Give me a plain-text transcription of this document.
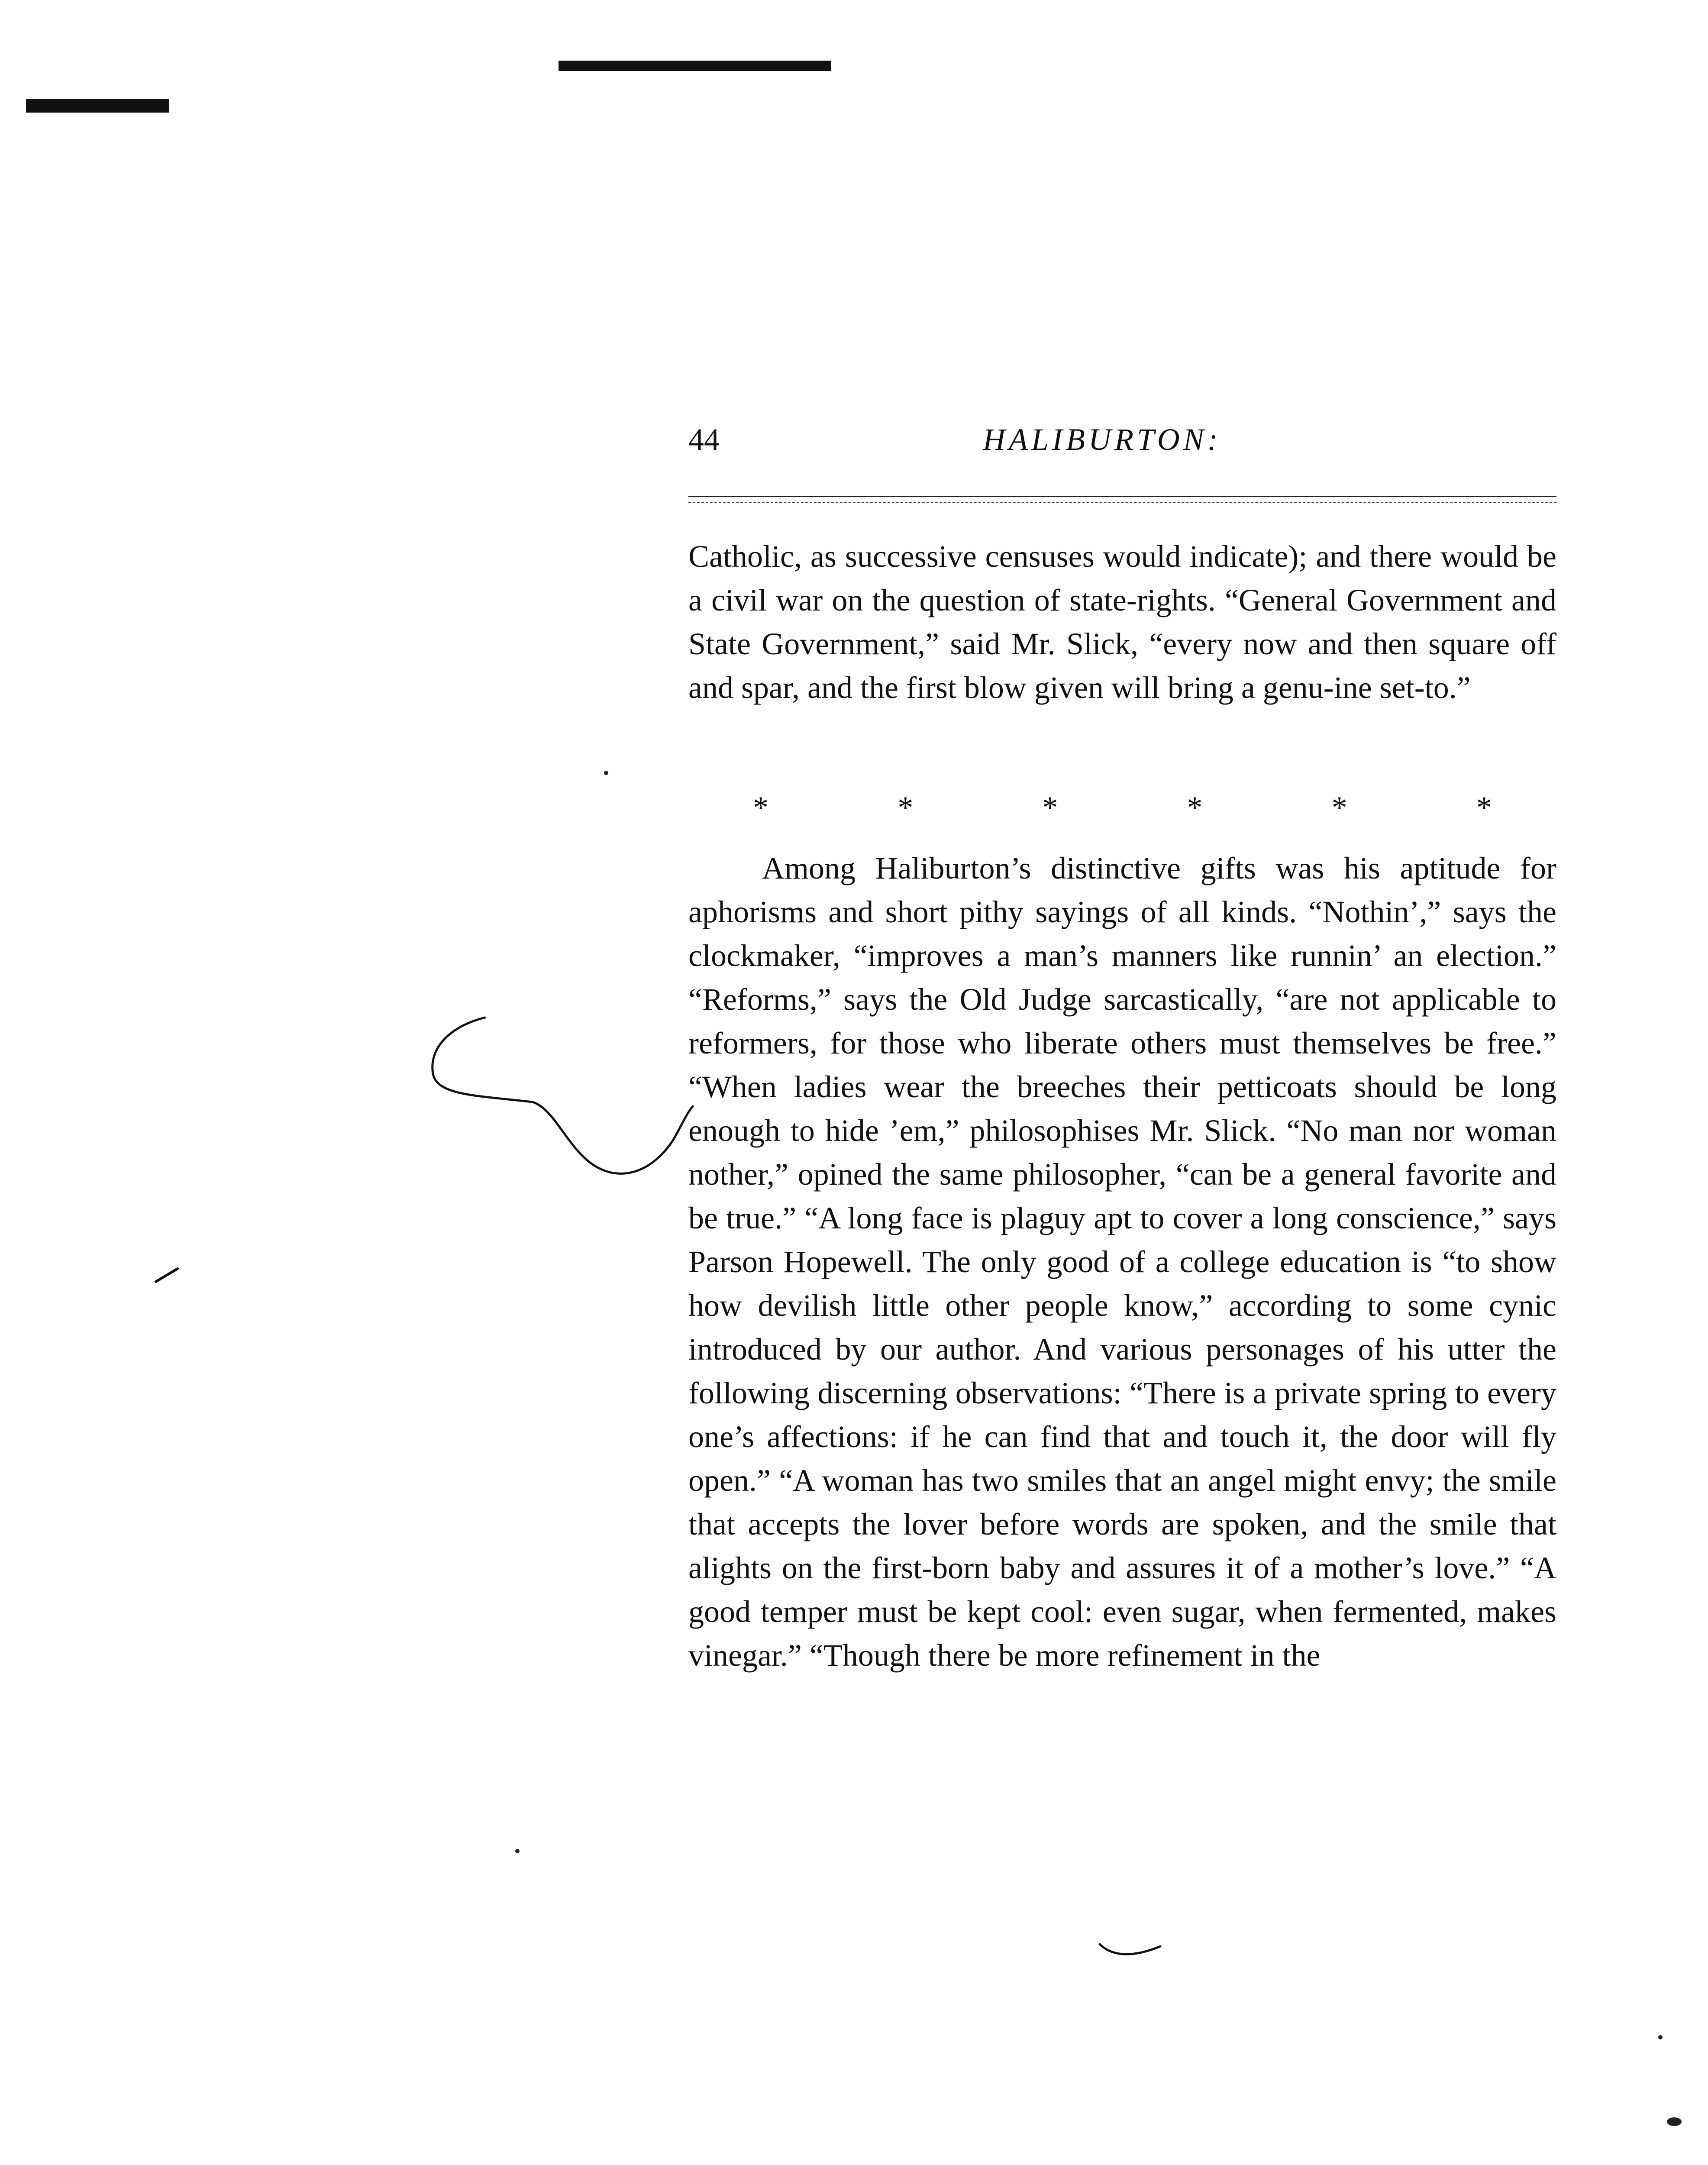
44	HALIBURTON:

Catholic, as successive censuses would indicate); and there would be a civil war on the question of state-rights. “General Government and State Government,” said Mr. Slick, “every now and then square off and spar, and the first blow given will bring a genu-ine set-to.”

*	*	*	*	*	*

Among Haliburton’s distinctive gifts was his aptitude for aphorisms and short pithy sayings of all kinds. “Nothin’,” says the clockmaker, “improves a man’s manners like runnin’ an election.” “Reforms,” says the Old Judge sarcastically, “are not applicable to reformers, for those who liberate others must themselves be free.” “When ladies wear the breeches their petticoats should be long enough to hide ’em,” philosophises Mr. Slick. “No man nor woman nother,” opined the same philosopher, “can be a general favorite and be true.” “A long face is plaguy apt to cover a long conscience,” says Parson Hopewell. The only good of a college education is “to show how devilish little other people know,” according to some cynic introduced by our author. And various personages of his utter the following discerning observations: “There is a private spring to every one’s affections: if he can find that and touch it, the door will fly open.” “A woman has two smiles that an angel might envy; the smile that accepts the lover before words are spoken, and the smile that alights on the first-born baby and assures it of a mother’s love.” “A good temper must be kept cool: even sugar, when fermented, makes vinegar.” “Though there be more refinement in the
